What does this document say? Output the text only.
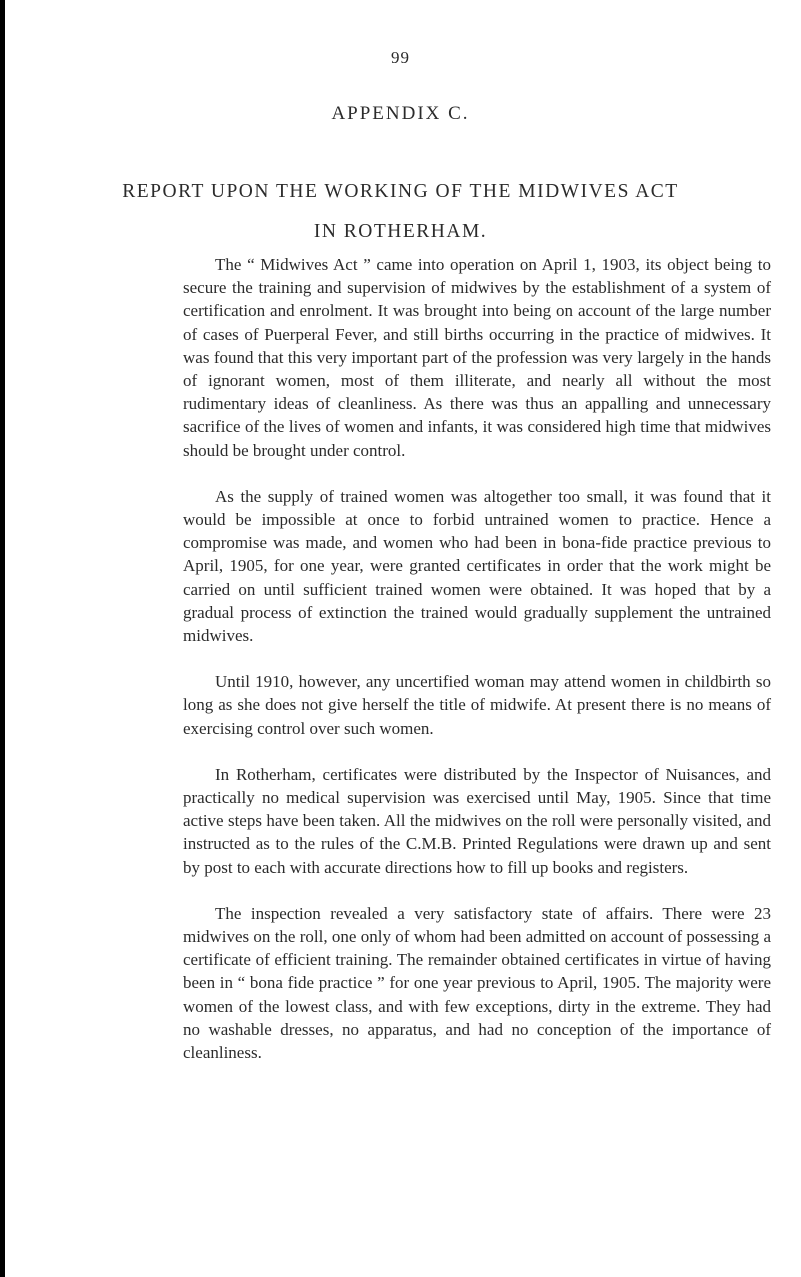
99
APPENDIX C.
REPORT UPON THE WORKING OF THE MIDWIVES ACT
IN ROTHERHAM.

The “ Midwives Act ” came into operation on April 1, 1903, its object being to secure the training and supervision of midwives by the establishment of a system of certification and enrolment. It was brought into being on account of the large number of cases of Puerperal Fever, and still births occurring in the practice of midwives. It was found that this very important part of the profession was very largely in the hands of ignorant women, most of them illiterate, and nearly all without the most rudimentary ideas of cleanliness. As there was thus an appalling and unnecessary sacrifice of the lives of women and infants, it was considered high time that midwives should be brought under control.

As the supply of trained women was altogether too small, it was found that it would be impossible at once to forbid untrained women to practice. Hence a compromise was made, and women who had been in bona-fide practice previous to April, 1905, for one year, were granted certificates in order that the work might be carried on until sufficient trained women were obtained. It was hoped that by a gradual process of extinction the trained would gradually supplement the untrained midwives.

Until 1910, however, any uncertified woman may attend women in childbirth so long as she does not give herself the title of midwife. At present there is no means of exercising control over such women.

In Rotherham, certificates were distributed by the Inspector of Nuisances, and practically no medical supervision was exercised until May, 1905. Since that time active steps have been taken. All the midwives on the roll were personally visited, and instructed as to the rules of the C.M.B. Printed Regulations were drawn up and sent by post to each with accurate directions how to fill up books and registers.

The inspection revealed a very satisfactory state of affairs. There were 23 midwives on the roll, one only of whom had been admitted on account of possessing a certificate of efficient training. The remainder obtained certificates in virtue of having been in “ bona fide practice ” for one year previous to April, 1905. The majority were women of the lowest class, and with few exceptions, dirty in the extreme. They had no washable dresses, no apparatus, and had no conception of the importance of cleanliness.
